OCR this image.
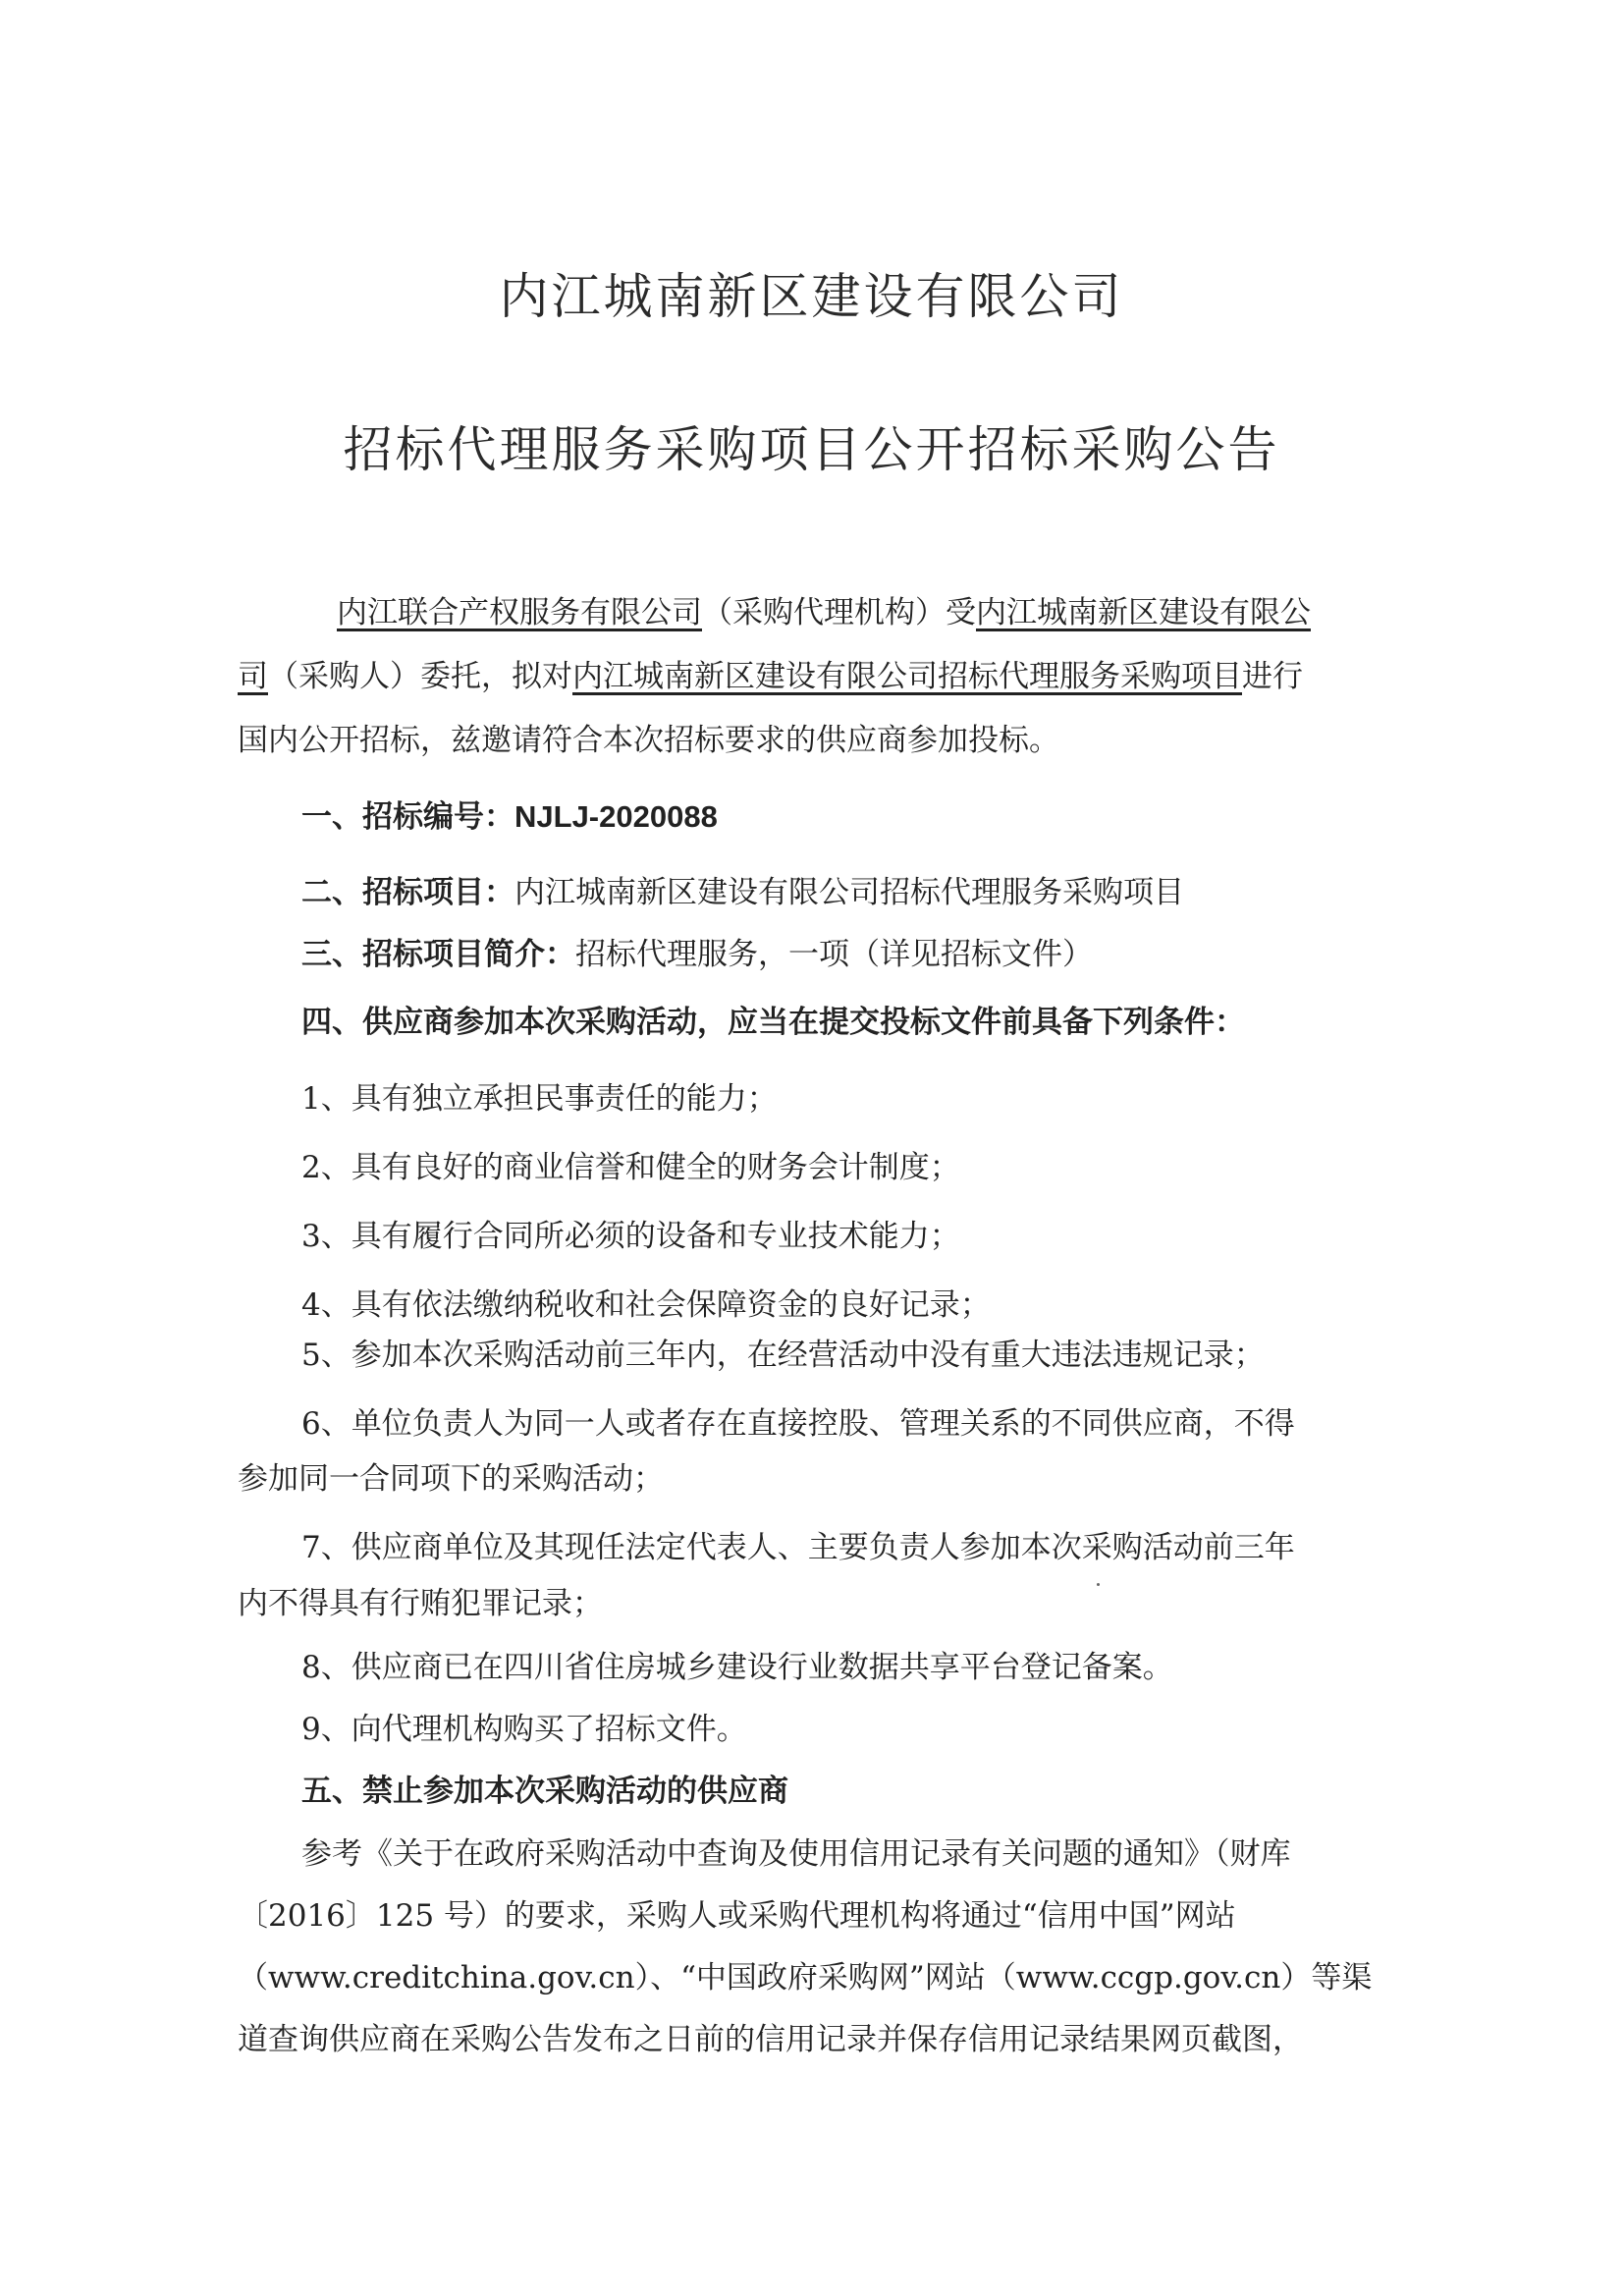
内江城南新区建设有限公司
招标代理服务采购项目公开招标采购公告
内江联合产权服务有限公司（采购代理机构）受内江城南新区建设有限公
司（采购人）委托，拟对内江城南新区建设有限公司招标代理服务采购项目进行
国内公开招标，兹邀请符合本次招标要求的供应商参加投标。
一、招标编号：NJLJ-2020088
二、招标项目：内江城南新区建设有限公司招标代理服务采购项目
三、招标项目简介：招标代理服务，一项（详见招标文件）
四、供应商参加本次采购活动，应当在提交投标文件前具备下列条件：
1、具有独立承担民事责任的能力；
2、具有良好的商业信誉和健全的财务会计制度；
3、具有履行合同所必须的设备和专业技术能力；
4、具有依法缴纳税收和社会保障资金的良好记录；
5、参加本次采购活动前三年内，在经营活动中没有重大违法违规记录；
6、单位负责人为同一人或者存在直接控股、管理关系的不同供应商，不得
参加同一合同项下的采购活动；
7、供应商单位及其现任法定代表人、主要负责人参加本次采购活动前三年
内不得具有行贿犯罪记录；
8、供应商已在四川省住房城乡建设行业数据共享平台登记备案。
9、向代理机构购买了招标文件。
五、禁止参加本次采购活动的供应商
参考《关于在政府采购活动中查询及使用信用记录有关问题的通知》（财库
〔2016〕125 号）的要求，采购人或采购代理机构将通过“信用中国”网站
（www.creditchina.gov.cn）、“中国政府采购网”网站（www.ccgp.gov.cn）等渠
道查询供应商在采购公告发布之日前的信用记录并保存信用记录结果网页截图，
